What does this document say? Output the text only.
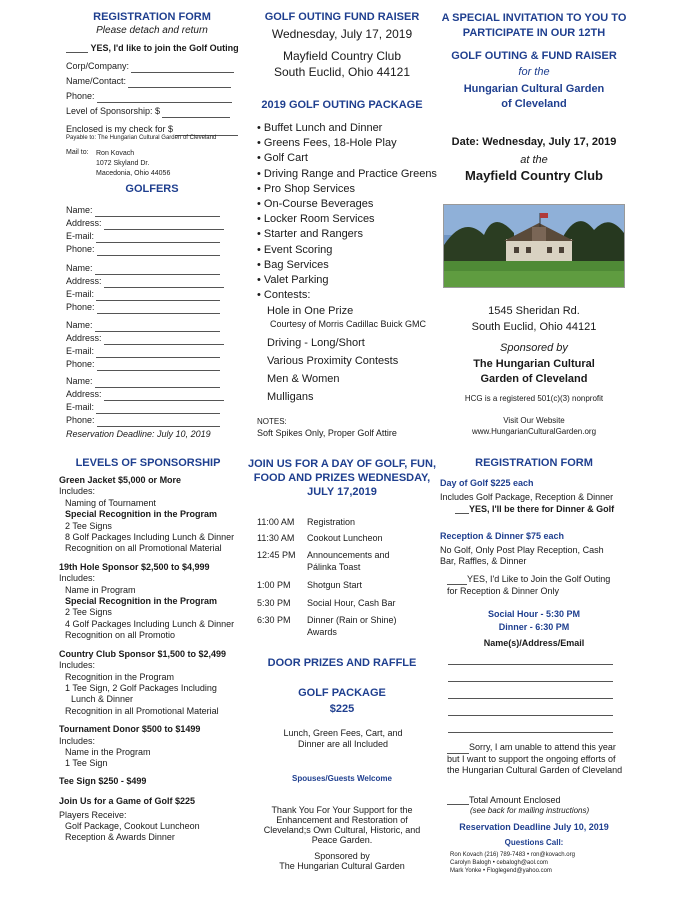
REGISTRATION FORM
Please detach and return
YES, I'd like to join the Golf Outing
Corp/Company:
Name/Contact:
Phone:
Level of Sponsorship: $
Enclosed is my check for $
Payable to: The Hungarian Cultural Garden of Cleveland
Mail to: Ron Kovach
1072 Skyland Dr.
Macedonia, Ohio 44056
GOLFERS
Name:
Address:
E-mail:
Phone:
Name:
Address:
E-mail:
Phone:
Name:
Address:
E-mail:
Phone:
Name:
Address:
E-mail:
Phone:
Reservation Deadline: July 10, 2019
LEVELS OF SPONSORSHIP
Green Jacket $5,000 or More
Includes:
Naming of Tournament
Special Recognition in the Program
2 Tee Signs
8 Golf Packages Including Lunch & Dinner
Recognition on all Promotional Material
19th Hole Sponsor $2,500 to $4,999
Includes:
Name in Program
Special Recognition in the Program
2 Tee Signs
4 Golf Packages Including Lunch & Dinner
Recognition on all Promotio
Country Club Sponsor $1,500 to $2,499
Includes:
Recognition in the Program
1 Tee Sign, 2 Golf Packages Including
Lunch & Dinner
Recognition in all Promotional Material
Tournament Donor $500 to $1499
Includes:
Name in the Program
1 Tee Sign
Tee Sign $250 - $499
Join Us for a Game of Golf $225
Players Receive:
Golf Package, Cookout Luncheon
Reception & Awards Dinner
GOLF OUTING FUND RAISER
Wednesday, July 17, 2019
Mayfield Country Club
South Euclid, Ohio 44121
2019 GOLF OUTING PACKAGE
• Buffet Lunch and Dinner
• Greens Fees, 18-Hole Play
• Golf Cart
• Driving Range and Practice Greens
• Pro Shop Services
• On-Course Beverages
• Locker Room Services
• Starter and Rangers
• Event Scoring
• Bag Services
• Valet Parking
• Contests:
Hole in One Prize
Courtesy of Morris Cadillac Buick GMC
Driving - Long/Short
Various Proximity Contests
Men & Women
Mulligans
NOTES:
Soft Spikes Only, Proper Golf Attire
JOIN US FOR A DAY OF GOLF, FUN, FOOD AND PRIZES WEDNESDAY, JULY 17,2019
11:00 AM Registration
11:30 AM Cookout Luncheon
12:45 PM Announcements and Pálinka Toast
1:00 PM Shotgun Start
5:30 PM Social Hour, Cash Bar
6:30 PM Dinner (Rain or Shine) Awards
DOOR PRIZES AND RAFFLE
GOLF PACKAGE
$225
Lunch, Green Fees, Cart, and Dinner are all Included
Spouses/Guests Welcome
Thank You For Your Support for the Enhancement and Restoration of Cleveland;s Own Cultural, Historic, and Peace Garden.
Sponsored by
The Hungarian Cultural Garden
A SPECIAL INVITATION TO YOU TO PARTICIPATE IN OUR 12TH
GOLF OUTING & FUND RAISER
for the
Hungarian Cultural Garden of Cleveland
Date: Wednesday, July 17, 2019
at the
Mayfield Country Club
1545 Sheridan Rd.
South Euclid, Ohio 44121
Sponsored by
The Hungarian Cultural Garden of Cleveland
HCG is a registered 501(c)(3) nonprofit
Visit Our Website
www.HungarianCulturalGarden.org
REGISTRATION FORM
Day of Golf $225 each
Includes Golf Package, Reception & Dinner
YES, I'll be there for Dinner & Golf
Reception & Dinner $75 each
No Golf, Only Post Play Reception, Cash Bar, Raffles, & Dinner
YES, I'd Like to Join the Golf Outing for Reception & Dinner Only
Social Hour - 5:30 PM
Dinner - 6:30 PM
Name(s)/Address/Email
Sorry, I am unable to attend this year but I want to support the ongoing efforts of the Hungarian Cultural Garden of Cleveland
Total Amount Enclosed
(see back for mailing instructions)
Reservation Deadline July 10, 2019
Questions Call:
Ron Kovach (216) 789-7483 • ron@kovach.org
Carolyn Balogh • cebalogh@aol.com
Mark Yonke • Floglegend@yahoo.com
